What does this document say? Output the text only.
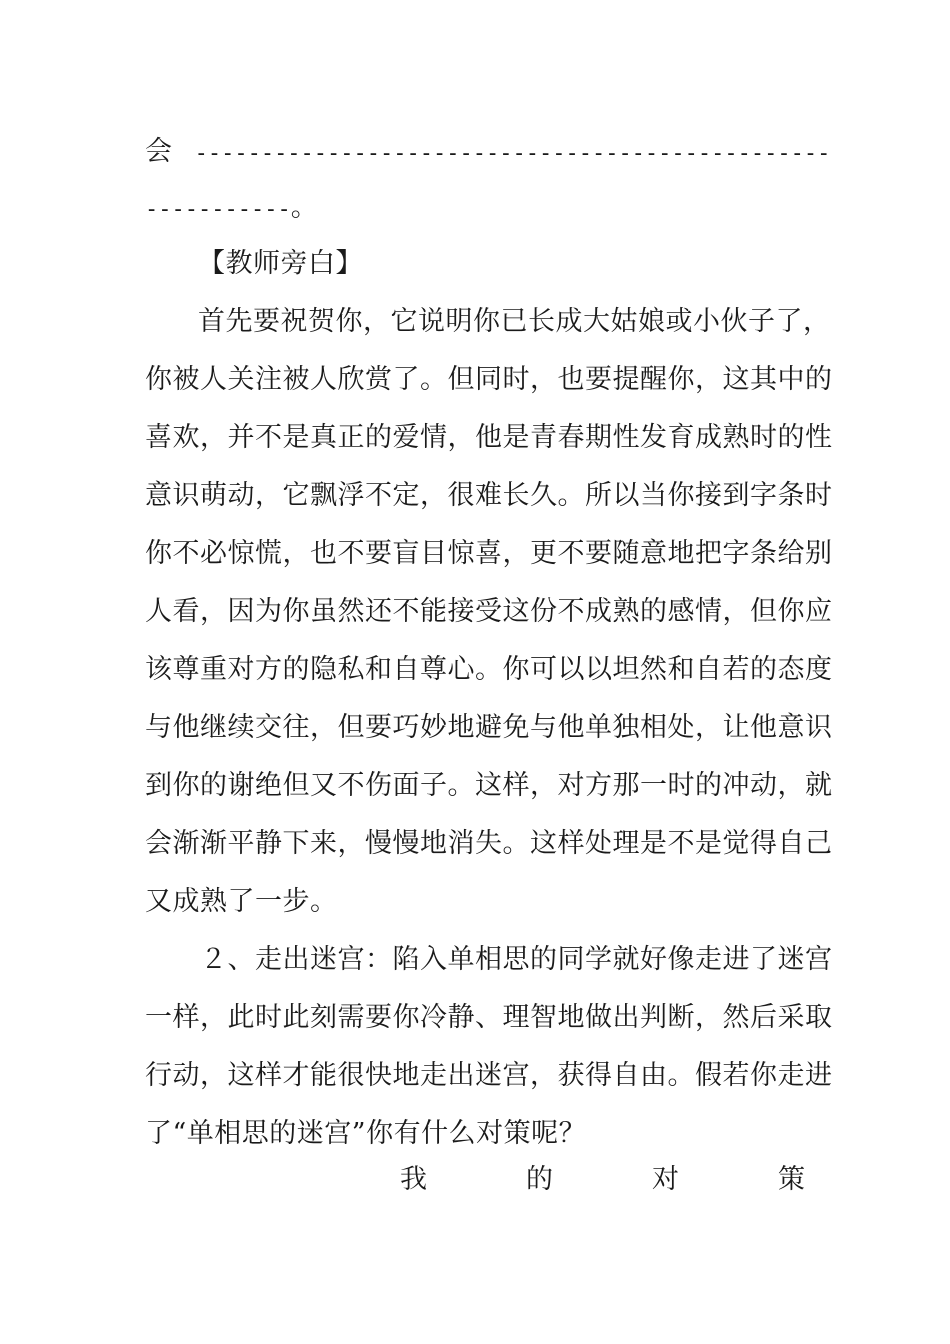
会 ------------------------------------------------
-----------。
【教师旁白】
首先要祝贺你，它说明你已长成大姑娘或小伙子了，
你被人关注被人欣赏了。但同时，也要提醒你，这其中的
喜欢，并不是真正的爱情，他是青春期性发育成熟时的性
意识萌动，它飘浮不定，很难长久。所以当你接到字条时
你不必惊慌，也不要盲目惊喜，更不要随意地把字条给别
人看，因为你虽然还不能接受这份不成熟的感情，但你应
该尊重对方的隐私和自尊心。你可以以坦然和自若的态度
与他继续交往，但要巧妙地避免与他单独相处，让他意识
到你的谢绝但又不伤面子。这样，对方那一时的冲动，就
会渐渐平静下来，慢慢地消失。这样处理是不是觉得自己
又成熟了一步。
２、走出迷宫：陷入单相思的同学就好像走进了迷宫
一样，此时此刻需要你冷静、理智地做出判断，然后采取
行动，这样才能很快地走出迷宫，获得自由。假若你走进
了“单相思的迷宫”你有什么对策呢？
我	的	对	策
